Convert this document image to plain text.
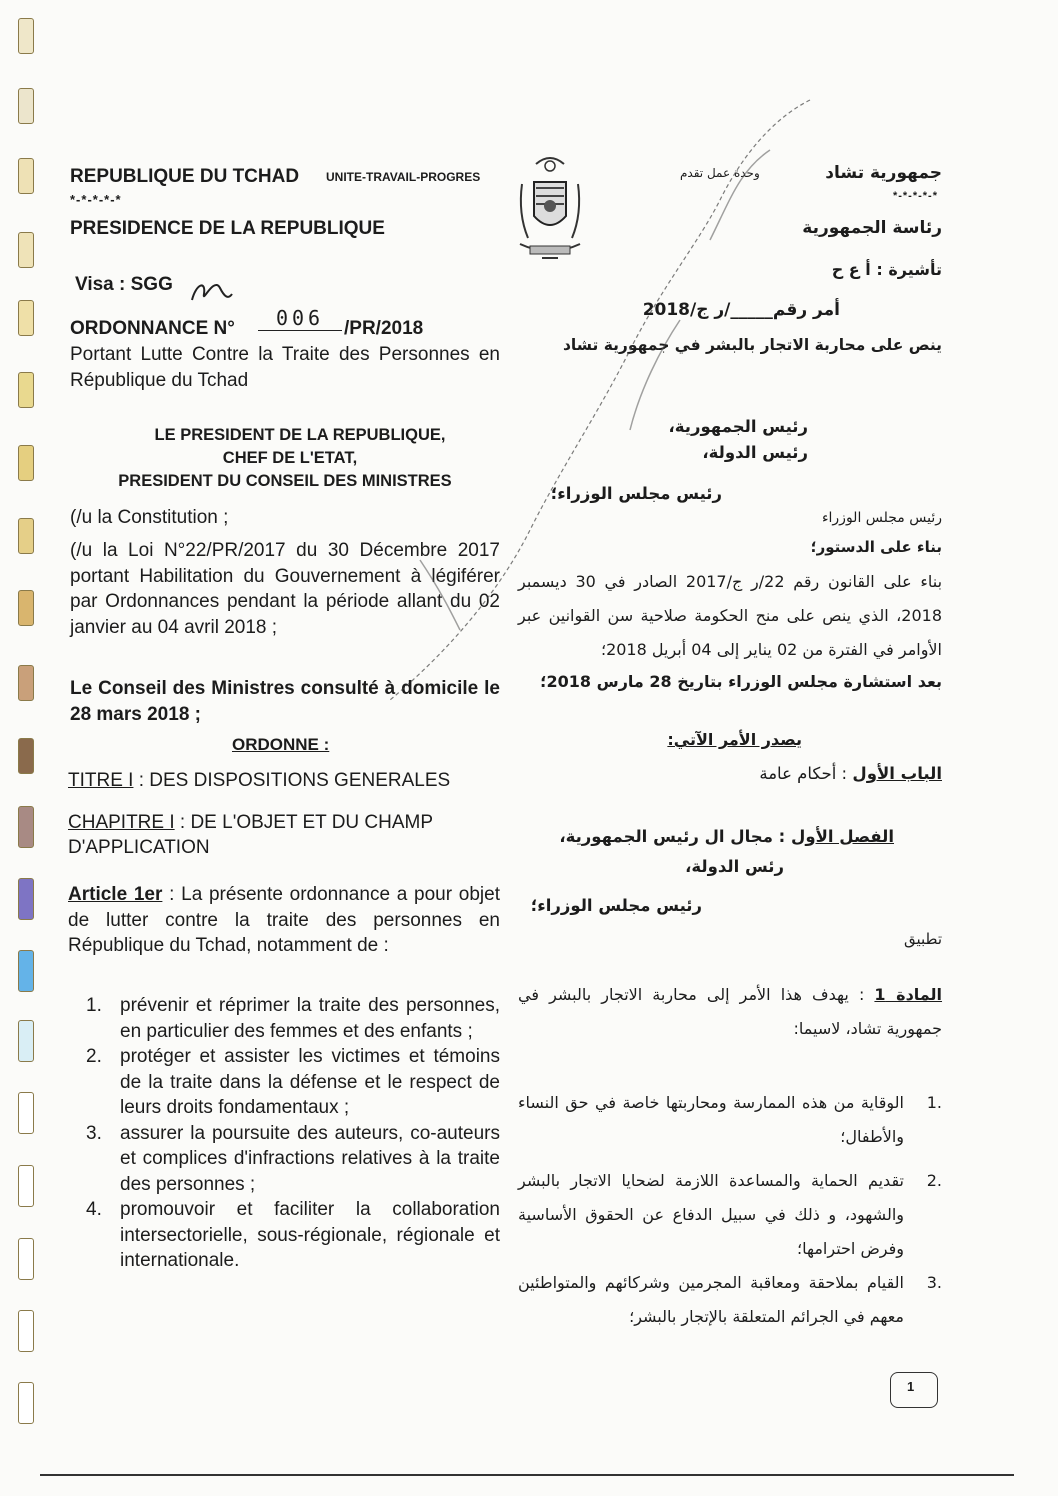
REPUBLIQUE DU TCHAD UNITE-TRAVAIL-PROGRES
*-*-*-*-*
PRESIDENCE DE LA REPUBLIQUE
Visa : SGG
ORDONNANCE N°	006	/PR/2018
Portant Lutte Contre la Traite des Personnes en République du Tchad
LE PRESIDENT DE LA REPUBLIQUE,
CHEF DE L'ETAT,
PRESIDENT DU CONSEIL DES MINISTRES
(/u la Constitution ;
(/u la Loi N°22/PR/2017 du 30 Décembre 2017 portant Habilitation du Gouvernement à légiférer par Ordonnances pendant la période allant du 02 janvier au 04 avril 2018 ;
Le Conseil des Ministres consulté à domicile le 28 mars 2018 ;
ORDONNE :
TITRE I : DES DISPOSITIONS GENERALES
CHAPITRE I : DE L'OBJET ET DU CHAMP D'APPLICATION
Article 1er : La présente ordonnance a pour objet de lutter contre la traite des personnes en République du Tchad, notamment de :
1. prévenir et réprimer la traite des personnes, en particulier des femmes et des enfants ;
2. protéger et assister les victimes et témoins de la traite dans la défense et le respect de leurs droits fondamentaux ;
3. assurer la poursuite des auteurs, co-auteurs et complices d'infractions relatives à la traite des personnes ;
4. promouvoir et faciliter la collaboration intersectorielle, sous-régionale, régionale et internationale.
جمهورية تشاد
وحدة عمل تقدم
*-*-*-*-*
رئاسة الجمهورية
تأشيرة : أ ع ح
أمر رقم_____/ر ج/2018
ينص على محاربة الاتجار بالبشر في جمهورية تشاد
رئيس الجمهورية،
رئيس الدولة،
رئيس مجلس الوزراء؛
رئيس مجلس الوزراء
بناء على الدستور؛
بناء على القانون رقم 22/ر ج/2017 الصادر في 30 ديسمبر 2018، الذي ينص على منح الحكومة صلاحية سن القوانين عبر الأوامر في الفترة من 02 يناير إلى 04 أبريل 2018؛
بعد استشارة مجلس الوزراء بتاريخ 28 مارس 2018؛
يصدر الأمر الآتي:
الباب الأول : أحكام عامة
الفصل الأول : مجال ال رئيس الجمهورية،
رئس الدولة،
رئيس مجلس الوزراء؛
تطبيق
المادة 1 : يهدف هذا الأمر إلى محاربة الاتجار بالبشر في جمهورية تشاد، لاسيما:
.1
الوقاية من هذه الممارسة ومحاربتها خاصة في حق النساء والأطفال؛
.2
تقديم الحماية والمساعدة اللازمة لضحايا الاتجار بالبشر والشهود، و ذلك في سبيل الدفاع عن الحقوق الأساسية وفرض احترامها؛
.3
القيام بملاحقة ومعاقبة المجرمين وشركائهم والمتواطئين معهم في الجرائم المتعلقة بالإتجار بالبشر؛
1
